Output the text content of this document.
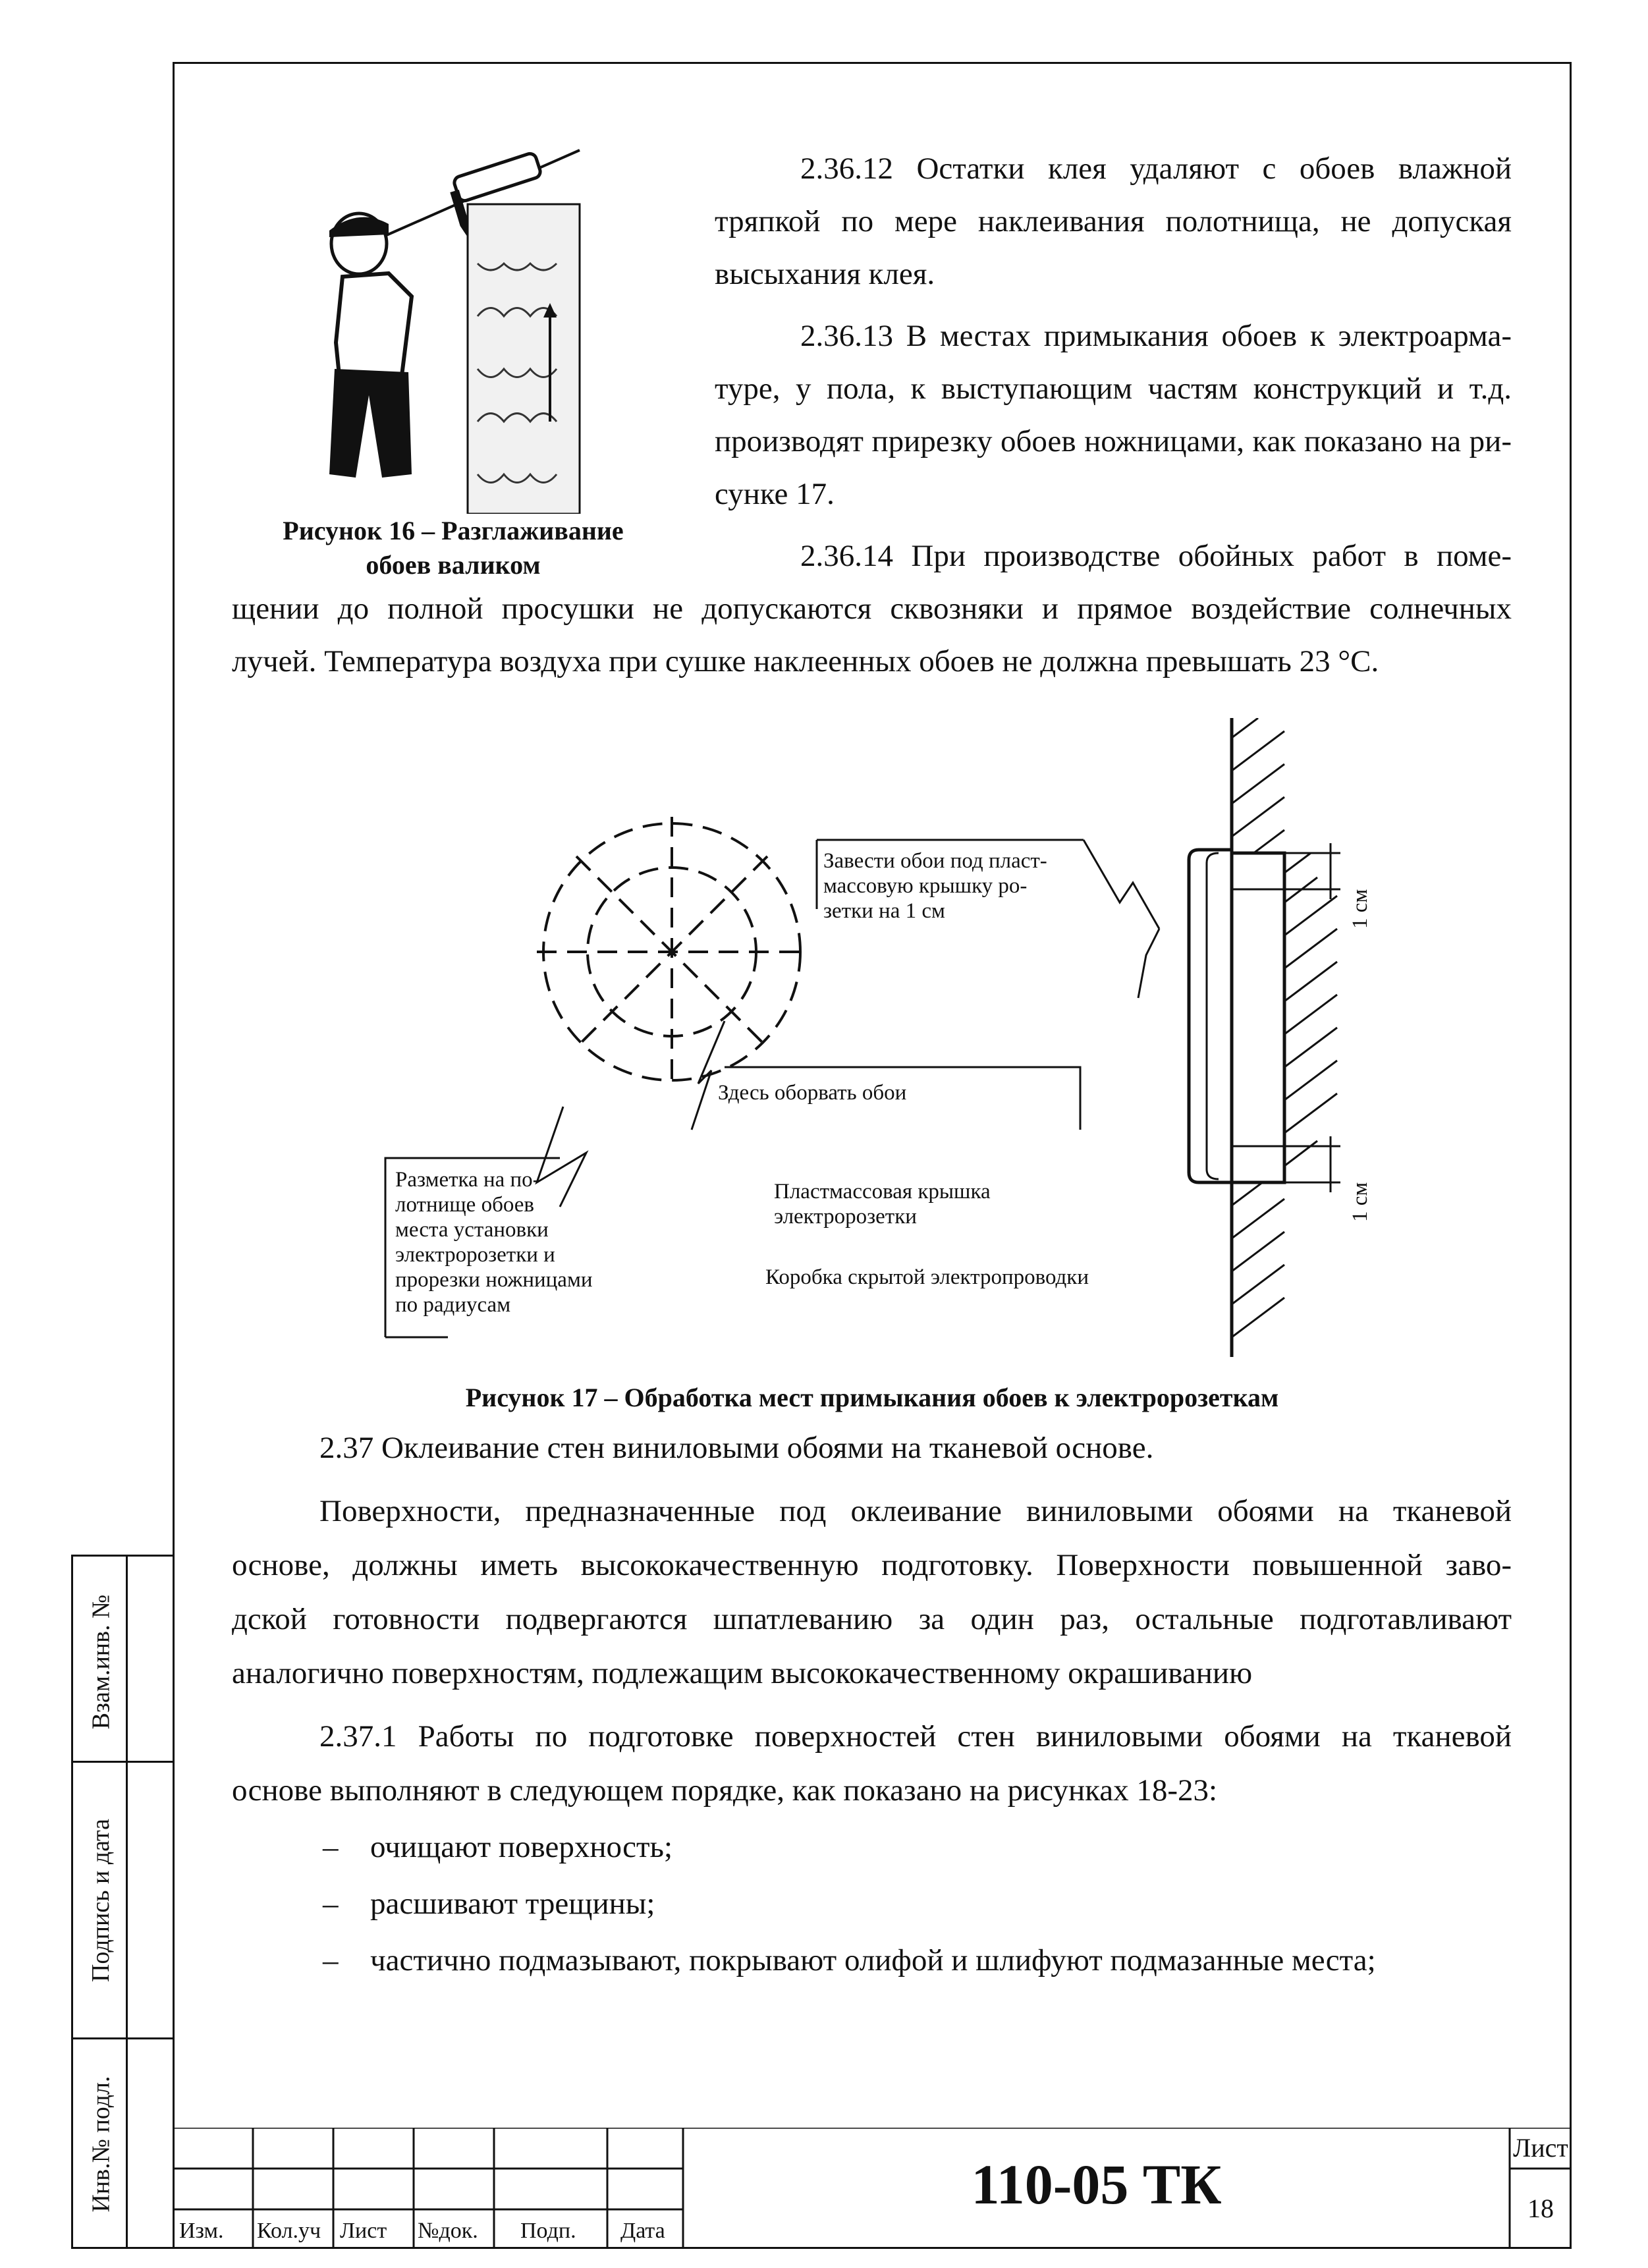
Рисунок 16 – Разглаживание
обоев валиком
2.36.12 Остатки клея удаляют с обоев влажной
тряпкой по мере наклеивания полотнища, не допуская
высыхания клея.
2.36.13 В местах примыкания обоев к электроарма-
туре, у пола, к выступающим частям конструкций и т.д.
производят прирезку обоев ножницами, как показано на ри-
сунке 17.
2.36.14 При производстве обойных работ в поме-
щении до полной просушки не допускаются сквозняки и прямое воздействие солнечных
лучей. Температура воздуха при сушке наклеенных обоев не должна превышать 23 °С.
Завести обои под пласт-
массовую крышку ро-
зетки на 1 см
Здесь оборвать обои
Разметка на по-
лотнище обоев
места установки
электророзетки и
прорезки ножницами
по радиусам
Пластмассовая крышка
электророзетки
Коробка скрытой электропроводки
1 см
1 см
Рисунок 17 – Обработка мест примыкания обоев к электророзеткам
2.37 Оклеивание стен виниловыми обоями на тканевой основе.
Поверхности, предназначенные под оклеивание виниловыми обоями на тканевой
основе, должны иметь высококачественную подготовку. Поверхности повышенной заво-
дской готовности подвергаются шпатлеванию за один раз, остальные подготавливают
аналогично поверхностям, подлежащим высококачественному окрашиванию
2.37.1 Работы по подготовке поверхностей стен виниловыми обоями на тканевой
основе выполняют в следующем порядке, как показано на рисунках 18-23:
– очищают поверхность;
– расшивают трещины;
– частично подмазывают, покрывают олифой и шлифуют подмазанные места;
Взам.инв. №
Подпись и дата
Инв.№ подл.
Изм. Кол.уч Лист №док. Подп. Дата
110-05 ТК
Лист
18
